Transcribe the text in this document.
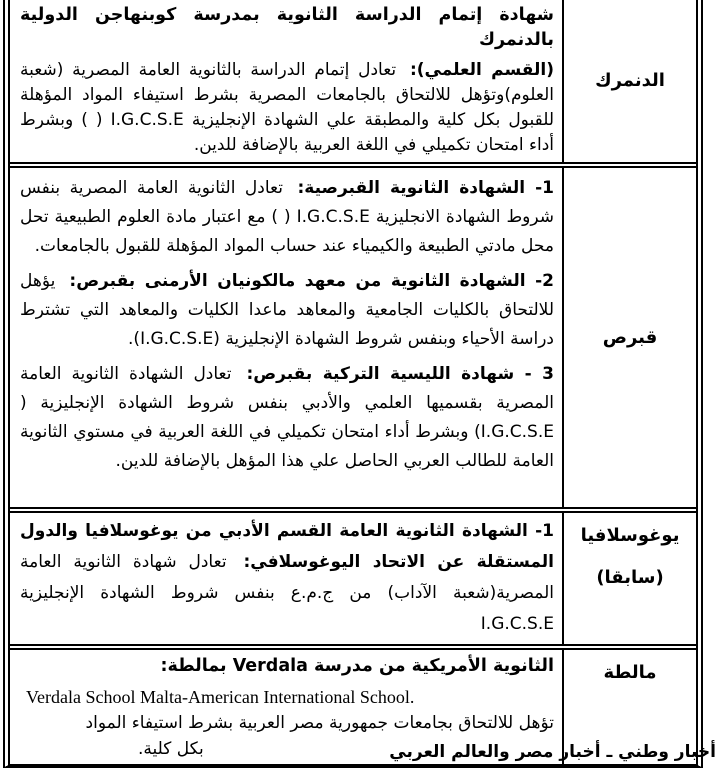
الدنمرك
شهادة إتمام الدراسة الثانوية بمدرسة كوبنهاجن الدولية بالدنمرك

(القسم العلمي): تعادل إتمام الدراسة بالثانوية العامة المصرية (شعبة العلوم)وتؤهل للالتحاق بالجامعات المصرية بشرط استيفاء المواد المؤهلة للقبول بكل كلية والمطبقة علي الشهادة الإنجليزية I.G.C.S.E ( ) وبشرط أداء امتحان تكميلي في اللغة العربية بالإضافة للدين.

قبرص

1- الشهادة الثانوية القبرصية: تعادل الثانوية العامة المصرية بنفس شروط الشهادة الانجليزية I.G.C.S.E ( ) مع اعتبار مادة العلوم الطبيعية تحل محل مادتي الطبيعة والكيمياء عند حساب المواد المؤهلة للقبول بالجامعات.

2- الشهادة الثانوية من معهد مالكونيان الأرمنى بقبرص: يؤهل للالتحاق بالكليات الجامعية والمعاهد ماعدا الكليات والمعاهد التي تشترط دراسة الأحياء وبنفس شروط الشهادة الإنجليزية (I.G.C.S.E).

3 - شهادة الليسية التركية بقبرص: تعادل الشهادة الثانوية العامة المصرية بقسميها العلمي والأدبي بنفس شروط الشهادة الإنجليزية ( I.G.C.S.E) وبشرط أداء امتحان تكميلي في اللغة العربية في مستوي الثانوية العامة للطالب العربي الحاصل علي هذا المؤهل بالإضافة للدين.

يوغوسلافيا
(سابقا)

1- الشهادة الثانوية العامة القسم الأدبي من يوغوسلافيا والدول المستقلة عن الاتحاد اليوغوسلافي: تعادل شهادة الثانوية العامة المصرية(شعبة الآداب) من ج.م.ع بنفس شروط الشهادة الإنجليزية I.G.C.S.E

مالطة
الثانوية الأمريكية من مدرسة Verdala بمالطة:
Verdala School Malta-American International School.
تؤهل للالتحاق بجامعات جمهورية مصر العربية بشرط استيفاء المواد
بكل كلية.	أخبار وطني ـ أخبار مصر والعالم العربي
